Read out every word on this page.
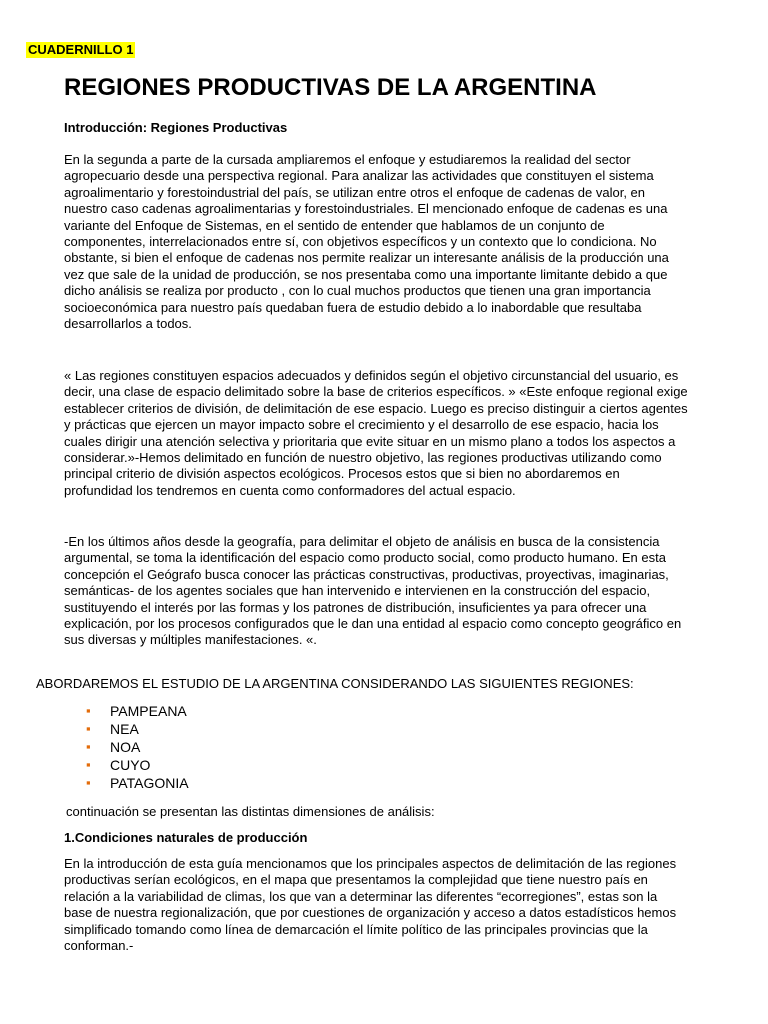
CUADERNILLO 1
REGIONES PRODUCTIVAS DE LA ARGENTINA
Introducción: Regiones Productivas

En la segunda a parte de la cursada ampliaremos el enfoque y estudiaremos la realidad del sector agropecuario desde una perspectiva regional. Para analizar las actividades que constituyen el sistema agroalimentario y forestoindustrial del país, se utilizan entre otros el enfoque de cadenas de valor, en nuestro caso cadenas agroalimentarias y forestoindustriales. El mencionado enfoque de cadenas es una variante del Enfoque de Sistemas, en el sentido de entender que hablamos de un conjunto de componentes, interrelacionados entre sí, con objetivos específicos y un contexto que lo condiciona. No obstante, si bien el enfoque de cadenas nos permite realizar un interesante análisis de la producción una vez que sale de la unidad de producción, se nos presentaba como una importante limitante debido a que dicho análisis se realiza por producto , con lo cual muchos productos que tienen una gran importancia socioeconómica para nuestro país quedaban fuera de estudio debido a lo inabordable que resultaba desarrollarlos a todos.

« Las regiones constituyen espacios adecuados y definidos según el objetivo circunstancial del usuario, es decir, una clase de espacio delimitado sobre la base de criterios específicos. » «Este enfoque regional exige establecer criterios de división, de delimitación de ese espacio. Luego es preciso distinguir a ciertos agentes y prácticas que ejercen un mayor impacto sobre el crecimiento y el desarrollo de ese espacio, hacia los cuales dirigir una atención selectiva y prioritaria que evite situar en un mismo plano a todos los aspectos a considerar.»-Hemos delimitado en función de nuestro objetivo, las regiones productivas utilizando como principal criterio de división aspectos ecológicos. Procesos estos que si bien no abordaremos en profundidad los tendremos en cuenta como conformadores del actual espacio.

-En los últimos años desde la geografía, para delimitar el objeto de análisis en busca de la consistencia argumental, se toma la identificación del espacio como producto social, como producto humano. En esta concepción el Geógrafo busca conocer las prácticas constructivas, productivas, proyectivas, imaginarias, semánticas- de los agentes sociales que han intervenido e intervienen en la construcción del espacio, sustituyendo el interés por las formas y los patrones de distribución, insuficientes ya para ofrecer una explicación, por los procesos configurados que le dan una entidad al espacio como concepto geográfico en sus diversas y múltiples manifestaciones. «.

ABORDAREMOS EL ESTUDIO DE LA ARGENTINA CONSIDERANDO LAS SIGUIENTES REGIONES:
▪ PAMPEANA
▪ NEA
▪ NOA
▪ CUYO
▪ PATAGONIA
continuación se presentan las distintas dimensiones de análisis:
1.Condiciones naturales de producción

En la introducción de esta guía mencionamos que los principales aspectos de delimitación de las regiones productivas serían ecológicos, en el mapa que presentamos la complejidad que tiene nuestro país en relación a la variabilidad de climas, los que van a determinar las diferentes “ecorregiones”, estas son la base de nuestra regionalización, que por cuestiones de organización y acceso a datos estadísticos hemos simplificado tomando como línea de demarcación el límite político de las principales provincias que la conforman.-
